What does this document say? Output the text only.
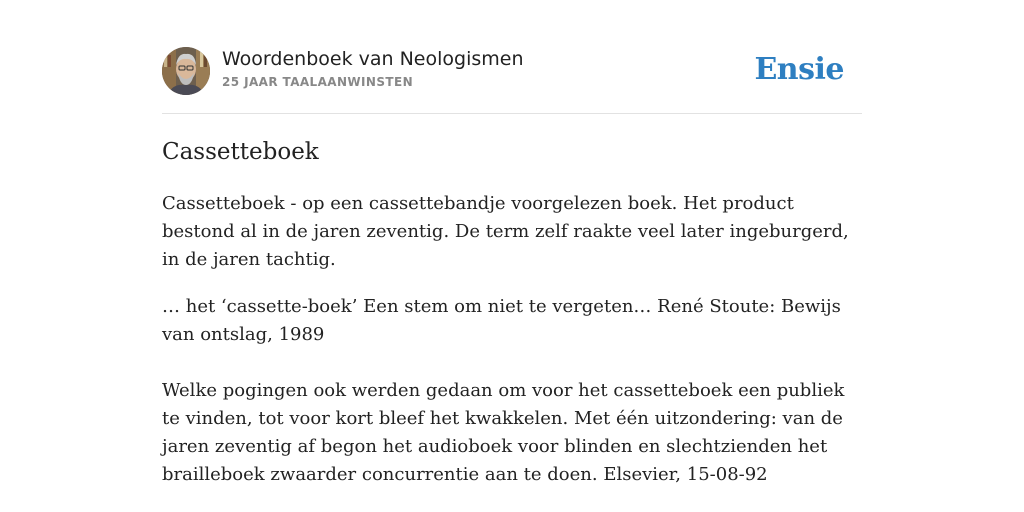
Woordenboek van Neologismen
25 JAAR TAALAANWINSTEN	Ensie
Cassetteboek

Cassetteboek - op een cassettebandje voorgelezen boek. Het product bestond al in de jaren zeventig. De term zelf raakte veel later ingeburgerd, in de jaren tachtig.

… het ‘cassette-boek’ Een stem om niet te vergeten… René Stoute: Bewijs van ontslag, 1989

Welke pogingen ook werden gedaan om voor het cassetteboek een publiek te vinden, tot voor kort bleef het kwakkelen. Met één uitzondering: van de jaren zeventig af begon het audioboek voor blinden en slechtzienden het brailleboek zwaarder concurrentie aan te doen. Elsevier, 15-08-92
